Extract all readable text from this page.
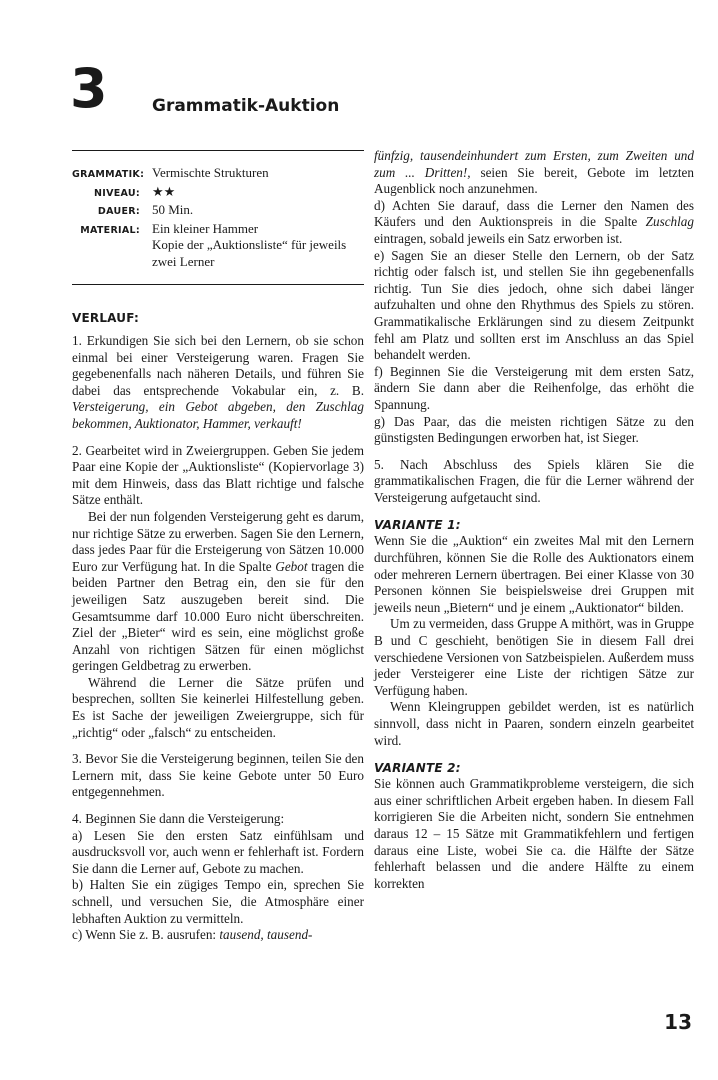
3	Grammatik-Auktion
GRAMMATIK: Vermischte Strukturen
NIVEAU: ★★
DAUER: 50 Min.
MATERIAL: Ein kleiner Hammer
Kopie der „Auktionsliste“ für jeweils zwei Lerner
VERLAUF:

1. Erkundigen Sie sich bei den Lernern, ob sie schon einmal bei einer Versteigerung waren. Fragen Sie gegebenenfalls nach näheren Details, und führen Sie dabei das entsprechende Vokabular ein, z. B. Versteigerung, ein Gebot abgeben, den Zuschlag bekommen, Auktionator, Hammer, verkauft!

2. Gearbeitet wird in Zweiergruppen. Geben Sie jedem Paar eine Kopie der „Auktionsliste“ (Kopiervorlage 3) mit dem Hinweis, dass das Blatt richtige und falsche Sätze enthält.

Bei der nun folgenden Versteigerung geht es darum, nur richtige Sätze zu erwerben. Sagen Sie den Lernern, dass jedes Paar für die Ersteigerung von Sätzen 10.000 Euro zur Verfügung hat. In die Spalte Gebot tragen die beiden Partner den Betrag ein, den sie für den jeweiligen Satz auszugeben bereit sind. Die Gesamtsumme darf 10.000 Euro nicht überschreiten. Ziel der „Bieter“ wird es sein, eine möglichst große Anzahl von richtigen Sätzen für einen möglichst geringen Geldbetrag zu erwerben.

Während die Lerner die Sätze prüfen und besprechen, sollten Sie keinerlei Hilfestellung geben. Es ist Sache der jeweiligen Zweiergruppe, sich für „richtig“ oder „falsch“ zu entscheiden.

3. Bevor Sie die Versteigerung beginnen, teilen Sie den Lernern mit, dass Sie keine Gebote unter 50 Euro entgegennehmen.

4. Beginnen Sie dann die Versteigerung:

a) Lesen Sie den ersten Satz einfühlsam und ausdrucksvoll vor, auch wenn er fehlerhaft ist. Fordern Sie dann die Lerner auf, Gebote zu machen.

b) Halten Sie ein zügiges Tempo ein, sprechen Sie schnell, und versuchen Sie, die Atmosphäre einer lebhaften Auktion zu vermitteln.

c) Wenn Sie z. B. ausrufen: tausend, tausend-

fünfzig, tausendeinhundert zum Ersten, zum Zweiten und zum ... Dritten!, seien Sie bereit, Gebote im letzten Augenblick noch anzunehmen.

d) Achten Sie darauf, dass die Lerner den Namen des Käufers und den Auktionspreis in die Spalte Zuschlag eintragen, sobald jeweils ein Satz erworben ist.

e) Sagen Sie an dieser Stelle den Lernern, ob der Satz richtig oder falsch ist, und stellen Sie ihn gegebenenfalls richtig. Tun Sie dies jedoch, ohne sich dabei länger aufzuhalten und ohne den Rhythmus des Spiels zu stören. Grammatikalische Erklärungen sind zu diesem Zeitpunkt fehl am Platz und sollten erst im Anschluss an das Spiel behandelt werden.

f) Beginnen Sie die Versteigerung mit dem ersten Satz, ändern Sie dann aber die Reihenfolge, das erhöht die Spannung.

g) Das Paar, das die meisten richtigen Sätze zu den günstigsten Bedingungen erworben hat, ist Sieger.

5. Nach Abschluss des Spiels klären Sie die grammatikalischen Fragen, die für die Lerner während der Versteigerung aufgetaucht sind.

VARIANTE 1:

Wenn Sie die „Auktion“ ein zweites Mal mit den Lernern durchführen, können Sie die Rolle des Auktionators einem oder mehreren Lernern übertragen. Bei einer Klasse von 30 Personen können Sie beispielsweise drei Gruppen mit jeweils neun „Bietern“ und je einem „Auktionator“ bilden.

Um zu vermeiden, dass Gruppe A mithört, was in Gruppe B und C geschieht, benötigen Sie in diesem Fall drei verschiedene Versionen von Satzbeispielen. Außerdem muss jeder Versteigerer eine Liste der richtigen Sätze zur Verfügung haben.

Wenn Kleingruppen gebildet werden, ist es natürlich sinnvoll, dass nicht in Paaren, sondern einzeln gearbeitet wird.

VARIANTE 2:

Sie können auch Grammatikprobleme versteigern, die sich aus einer schriftlichen Arbeit ergeben haben. In diesem Fall korrigieren Sie die Arbeiten nicht, sondern Sie entnehmen daraus 12 – 15 Sätze mit Grammatikfehlern und fertigen daraus eine Liste, wobei Sie ca. die Hälfte der Sätze fehlerhaft belassen und die andere Hälfte zu einem korrekten

13
